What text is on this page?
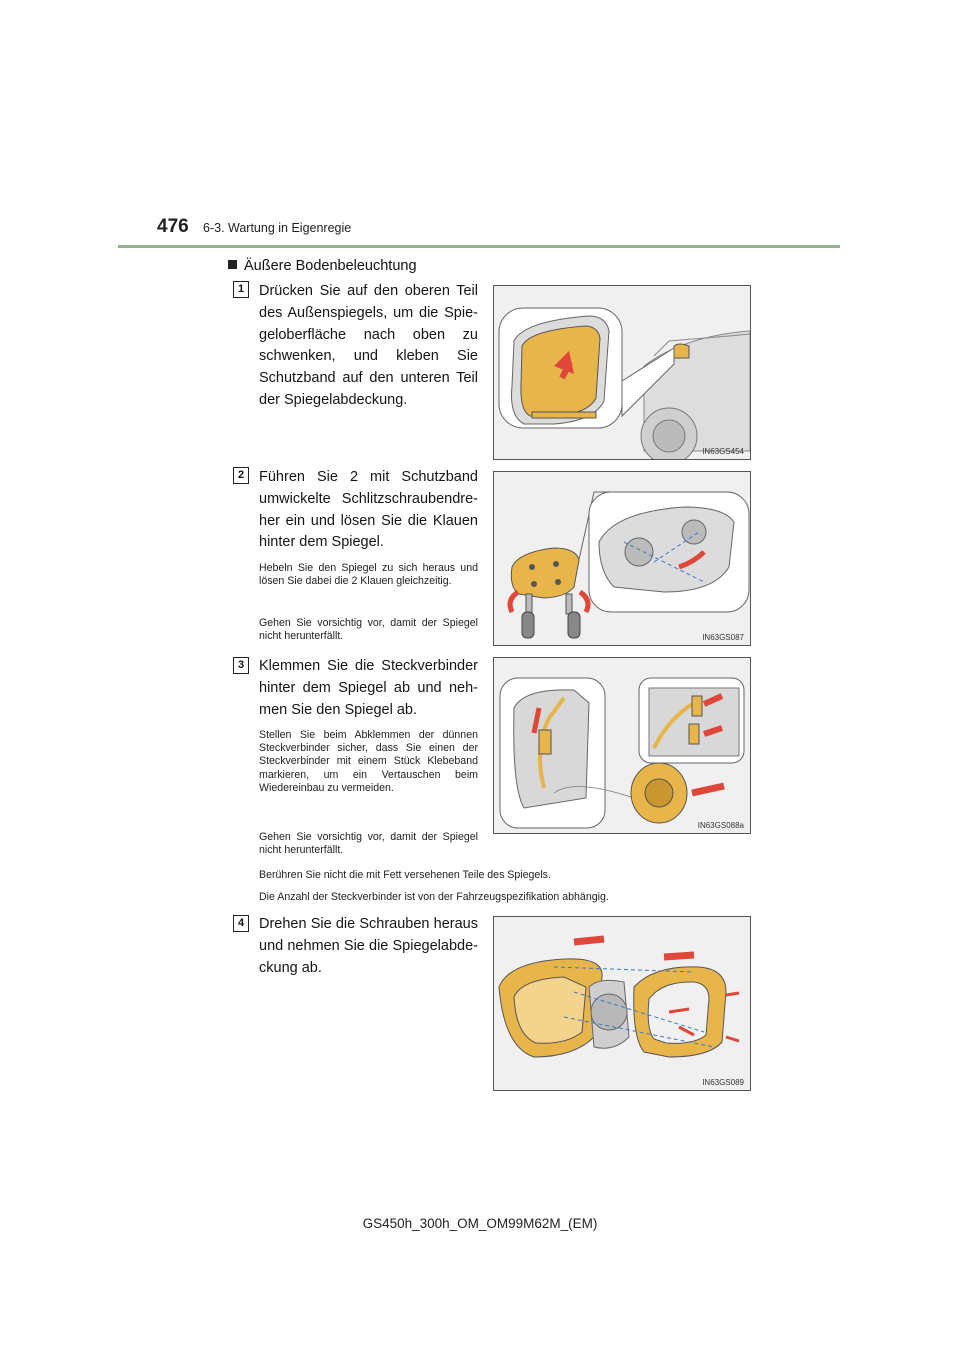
476 6-3. Wartung in Eigenregie
Äußere Bodenbeleuchtung
1	Drücken Sie auf den oberen Teil des Außenspiegels, um die Spiegeloberfläche nach oben zu schwenken, und kleben Sie Schutzband auf den unteren Teil der Spiegelabdeckung.
IN63GS454
2	Führen Sie 2 mit Schutzband umwickelte Schlitzschraubendreher ein und lösen Sie die Klauen hinter dem Spiegel.
Hebeln Sie den Spiegel zu sich heraus und lösen Sie dabei die 2 Klauen gleichzeitig.
Gehen Sie vorsichtig vor, damit der Spiegel nicht herunterfällt.	IN63GS087
3	Klemmen Sie die Steckverbinder hinter dem Spiegel ab und nehmen Sie den Spiegel ab.
Stellen Sie beim Abklemmen der dünnen Steckverbinder sicher, dass Sie einen der Steckverbinder mit einem Stück Klebeband markieren, um ein Vertauschen beim Wiedereinbau zu vermeiden.
Gehen Sie vorsichtig vor, damit der Spiegel nicht herunterfällt.
Berühren Sie nicht die mit Fett versehenen Teile des Spiegels.
Die Anzahl der Steckverbinder ist von der Fahrzeugspezifikation abhängig.
IN63GS088a
4	Drehen Sie die Schrauben heraus und nehmen Sie die Spiegelabdeckung ab.
IN63GS089
GS450h_300h_OM_OM99M62M_(EM)
